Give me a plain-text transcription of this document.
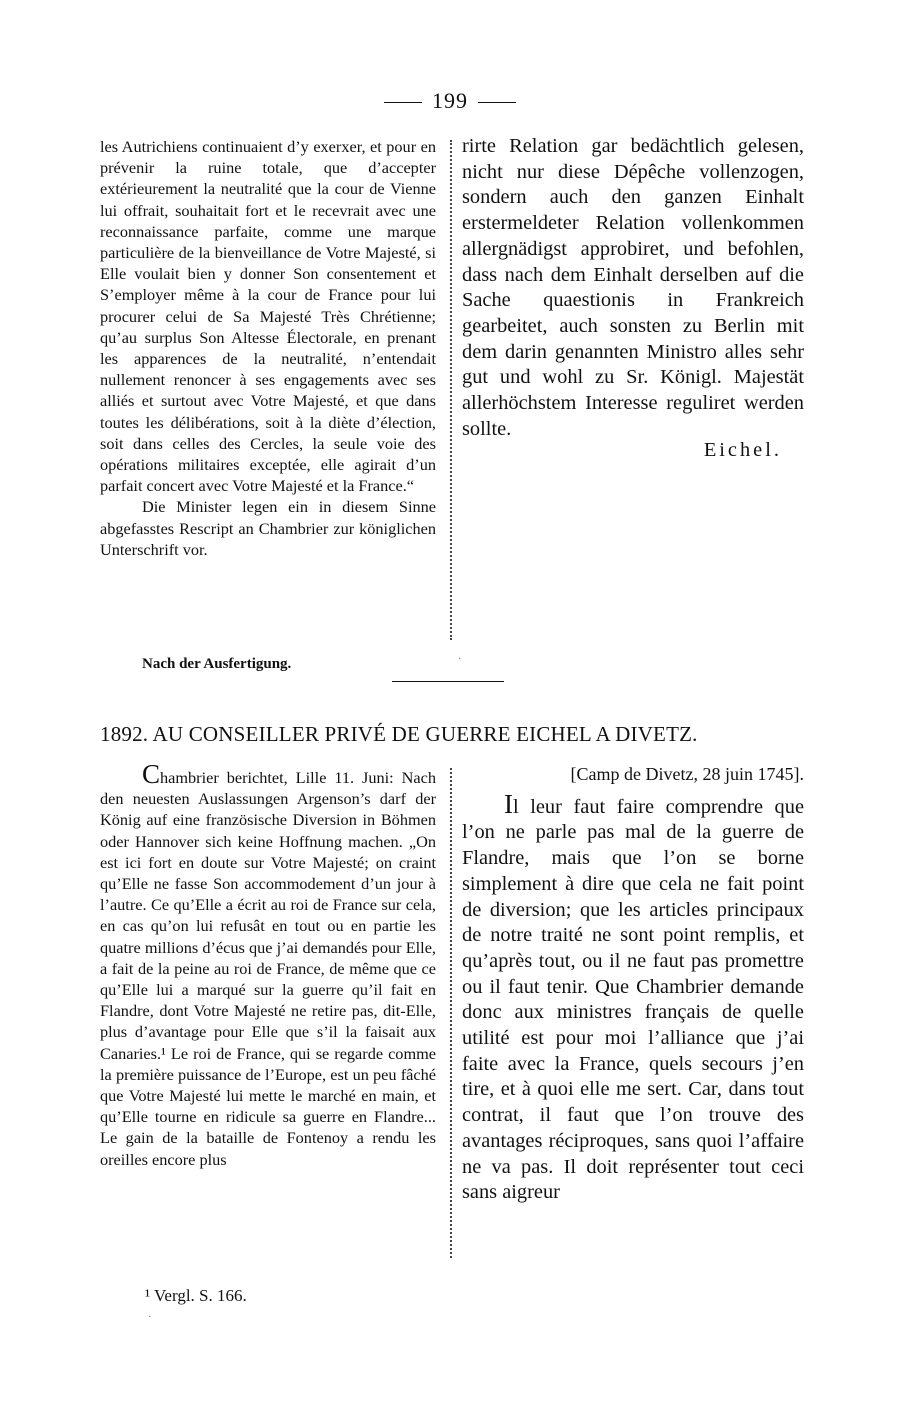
199

les Autrichiens continuaient d’y exerxer, et pour en prévenir la ruine totale, que d’accepter extérieurement la neutralité que la cour de Vienne lui offrait, souhaitait fort et le recevrait avec une reconnaissance parfaite, comme une marque particulière de la bienveillance de Votre Majesté, si Elle voulait bien y donner Son consentement et S’employer même à la cour de France pour lui procurer celui de Sa Majesté Très Chrétienne; qu’au surplus Son Altesse Électorale, en prenant les apparences de la neutralité, n’entendait nullement renoncer à ses engagements avec ses alliés et surtout avec Votre Majesté, et que dans toutes les délibérations, soit à la diète d’élection, soit dans celles des Cercles, la seule voie des opérations militaires exceptée, elle agirait d’un parfait concert avec Votre Majesté et la France.“

Die Minister legen ein in diesem Sinne abgefasstes Rescript an Chambrier zur königlichen Unterschrift vor.

rirte Relation gar bedächtlich gelesen, nicht nur diese Dépêche vollenzogen, sondern auch den ganzen Einhalt erstermeldeter Relation vollenkommen allergnädigst approbiret, und befohlen, dass nach dem Einhalt derselben auf die Sache quaestionis in Frankreich gearbeitet, auch sonsten zu Berlin mit dem darin genannten Ministro alles sehr gut und wohl zu Sr. Königl. Majestät allerhöchstem Interesse reguliret werden sollte.

Eichel.

Nach der Ausfertigung.
1892. AU CONSEILLER PRIVÉ DE GUERRE EICHEL A DIVETZ.

Chambrier berichtet, Lille 11. Juni: Nach den neuesten Auslassungen Argenson’s darf der König auf eine französische Diversion in Böhmen oder Hannover sich keine Hoffnung machen. „On est ici fort en doute sur Votre Majesté; on craint qu’Elle ne fasse Son accommodement d’un jour à l’autre. Ce qu’Elle a écrit au roi de France sur cela, en cas qu’on lui refusât en tout ou en partie les quatre millions d’écus que j’ai demandés pour Elle, a fait de la peine au roi de France, de même que ce qu’Elle lui a marqué sur la guerre qu’il fait en Flandre, dont Votre Majesté ne retire pas, dit-Elle, plus d’avantage pour Elle que s’il la faisait aux Canaries.¹ Le roi de France, qui se regarde comme la première puissance de l’Europe, est un peu fâché que Votre Majesté lui mette le marché en main, et qu’Elle tourne en ridicule sa guerre en Flandre... Le gain de la bataille de Fontenoy a rendu les oreilles encore plus

[Camp de Divetz, 28 juin 1745].

Il leur faut faire comprendre que l’on ne parle pas mal de la guerre de Flandre, mais que l’on se borne simplement à dire que cela ne fait point de diversion; que les articles principaux de notre traité ne sont point remplis, et qu’après tout, ou il ne faut pas promettre ou il faut tenir. Que Chambrier demande donc aux ministres français de quelle utilité est pour moi l’alliance que j’ai faite avec la France, quels secours j’en tire, et à quoi elle me sert. Car, dans tout contrat, il faut que l’on trouve des avantages réciproques, sans quoi l’affaire ne va pas. Il doit représenter tout ceci sans aigreur

¹ Vergl. S. 166.
·
·
